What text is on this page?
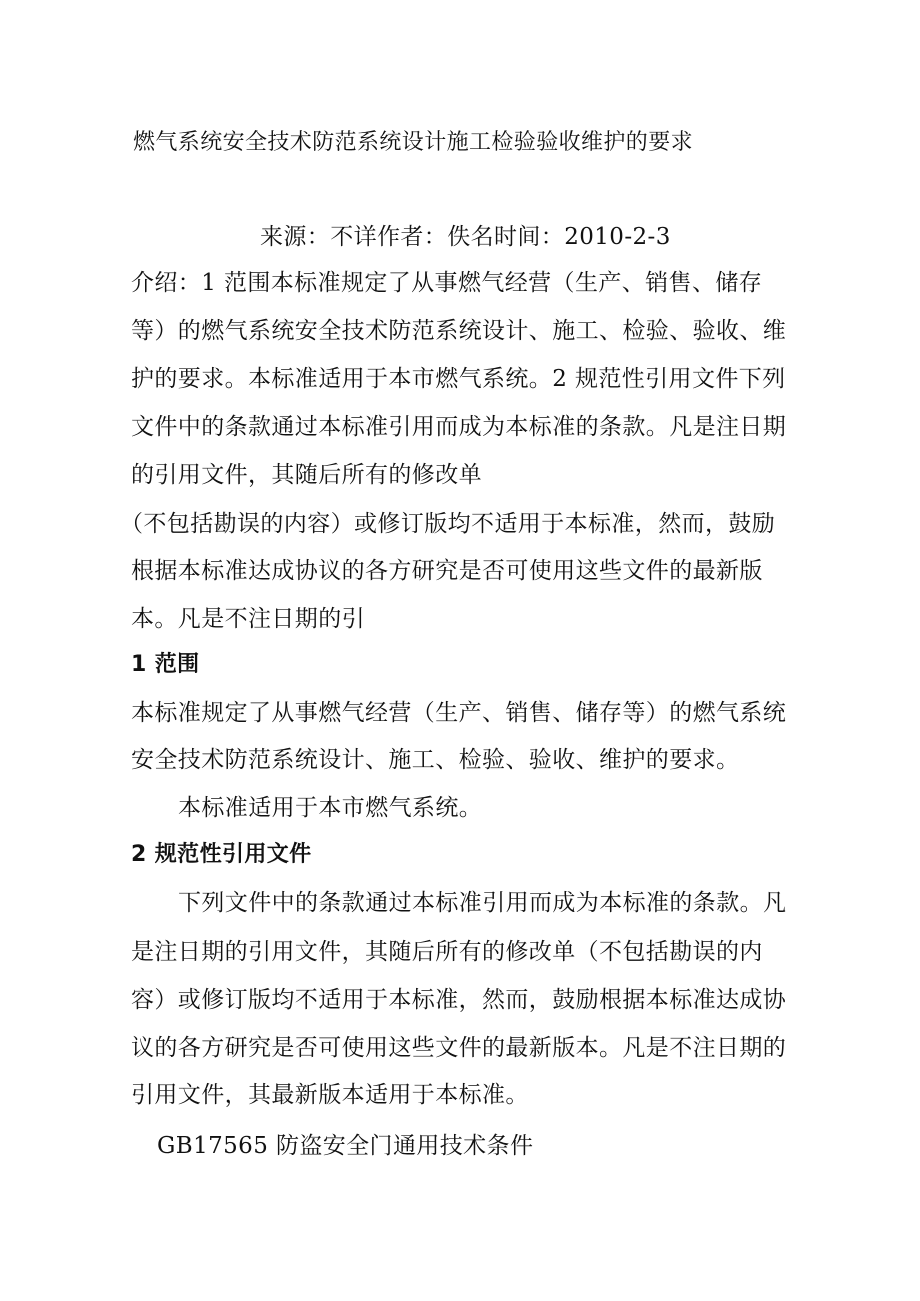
燃气系统安全技术防范系统设计施工检验验收维护的要求

来源：不详作者：佚名时间：2010-2-3

介绍：1 范围本标准规定了从事燃气经营（生产、销售、储存

等）的燃气系统安全技术防范系统设计、施工、检验、验收、维

护的要求。本标准适用于本市燃气系统。2 规范性引用文件下列

文件中的条款通过本标准引用而成为本标准的条款。凡是注日期

的引用文件，其随后所有的修改单

（不包括勘误的内容）或修订版均不适用于本标准，然而，鼓励

根据本标准达成协议的各方研究是否可使用这些文件的最新版

本。凡是不注日期的引

1 范围

本标准规定了从事燃气经营（生产、销售、储存等）的燃气系统

安全技术防范系统设计、施工、检验、验收、维护的要求。

本标准适用于本市燃气系统。

2 规范性引用文件

下列文件中的条款通过本标准引用而成为本标准的条款。凡

是注日期的引用文件，其随后所有的修改单（不包括勘误的内

容）或修订版均不适用于本标准，然而，鼓励根据本标准达成协

议的各方研究是否可使用这些文件的最新版本。凡是不注日期的

引用文件，其最新版本适用于本标准。

GB17565 防盗安全门通用技术条件
